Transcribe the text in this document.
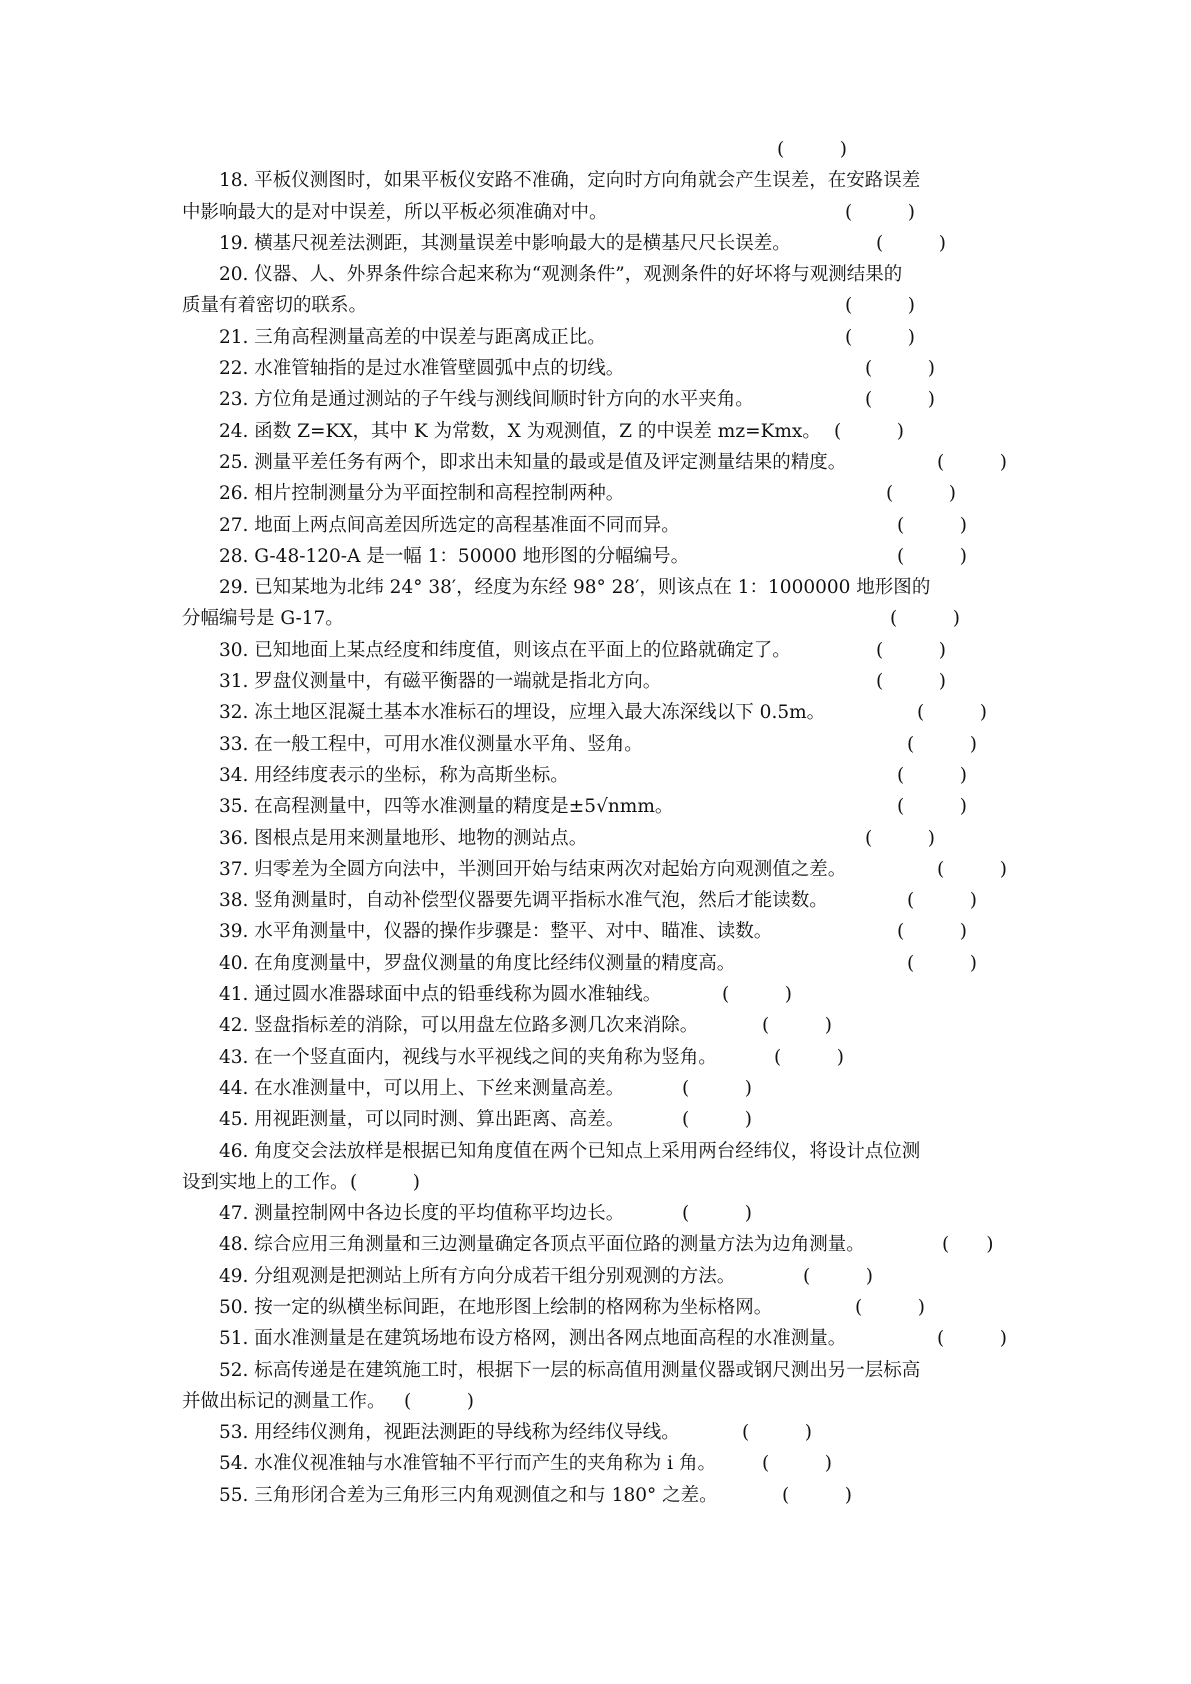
(　　　)
18. 平板仪测图时，如果平板仪安路不准确，定向时方向角就会产生误差，在安路误差
中影响最大的是对中误差，所以平板必须准确对中。	(　　　)
19. 横基尺视差法测距，其测量误差中影响最大的是横基尺尺长误差。	(　　　)
20. 仪器、人、外界条件综合起来称为“观测条件”，观测条件的好坏将与观测结果的
质量有着密切的联系。	(　　　)
21. 三角高程测量高差的中误差与距离成正比。	(　　　)
22. 水准管轴指的是过水准管壁圆弧中点的切线。	(　　　)
23. 方位角是通过测站的子午线与测线间顺时针方向的水平夹角。	(　　　)
24. 函数 Z=KX，其中 K 为常数，X 为观测值，Z 的中误差 mz=Kmx。 (　　　)
25. 测量平差任务有两个，即求出未知量的最或是值及评定测量结果的精度。	(　　　)
26. 相片控制测量分为平面控制和高程控制两种。	(　　　)
27. 地面上两点间高差因所选定的高程基准面不同而异。	(　　　)
28. G-48-120-A 是一幅 1：50000 地形图的分幅编号。	(　　　)
29. 已知某地为北纬 24° 38′，经度为东经 98° 28′，则该点在 1：1000000 地形图的
分幅编号是 G-17。	(　　　)
30. 已知地面上某点经度和纬度值，则该点在平面上的位路就确定了。	(　　　)
31. 罗盘仪测量中，有磁平衡器的一端就是指北方向。	(　　　)
32. 冻土地区混凝土基本水准标石的埋设，应埋入最大冻深线以下 0.5m。	(　　　)
33. 在一般工程中，可用水准仪测量水平角、竖角。	(　　　)
34. 用经纬度表示的坐标，称为高斯坐标。	(　　　)
35. 在高程测量中，四等水准测量的精度是±5√nmm。	(　　　)
36. 图根点是用来测量地形、地物的测站点。	(　　　)
37. 归零差为全圆方向法中，半测回开始与结束两次对起始方向观测值之差。	(　　　)
38. 竖角测量时，自动补偿型仪器要先调平指标水准气泡，然后才能读数。	(　　　)
39. 水平角测量中，仪器的操作步骤是：整平、对中、瞄准、读数。	(　　　)
40. 在角度测量中，罗盘仪测量的角度比经纬仪测量的精度高。	(　　　)
41. 通过圆水准器球面中点的铅垂线称为圆水准轴线。	(　　　)
42. 竖盘指标差的消除，可以用盘左位路多测几次来消除。	(　　　)
43. 在一个竖直面内，视线与水平视线之间的夹角称为竖角。	(　　　)
44. 在水准测量中，可以用上、下丝来测量高差。	(　　　)
45. 用视距测量，可以同时测、算出距离、高差。	(　　　)
46. 角度交会法放样是根据已知角度值在两个已知点上采用两台经纬仪，将设计点位测
设到实地上的工作。 (　　　)
47. 测量控制网中各边长度的平均值称平均边长。	(　　　)
48. 综合应用三角测量和三边测量确定各顶点平面位路的测量方法为边角测量。	(　　)
49. 分组观测是把测站上所有方向分成若干组分别观测的方法。	(　　　)
50. 按一定的纵横坐标间距，在地形图上绘制的格网称为坐标格网。	(　　　)
51. 面水准测量是在建筑场地布设方格网，测出各网点地面高程的水准测量。	(　　　)
52. 标高传递是在建筑施工时，根据下一层的标高值用测量仪器或钢尺测出另一层标高
并做出标记的测量工作。 (　　　)
53. 用经纬仪测角，视距法测距的导线称为经纬仪导线。	(　　　)
54. 水准仪视准轴与水准管轴不平行而产生的夹角称为 i 角。 (　　　)
55. 三角形闭合差为三角形三内角观测值之和与 180° 之差。	(　　　)
